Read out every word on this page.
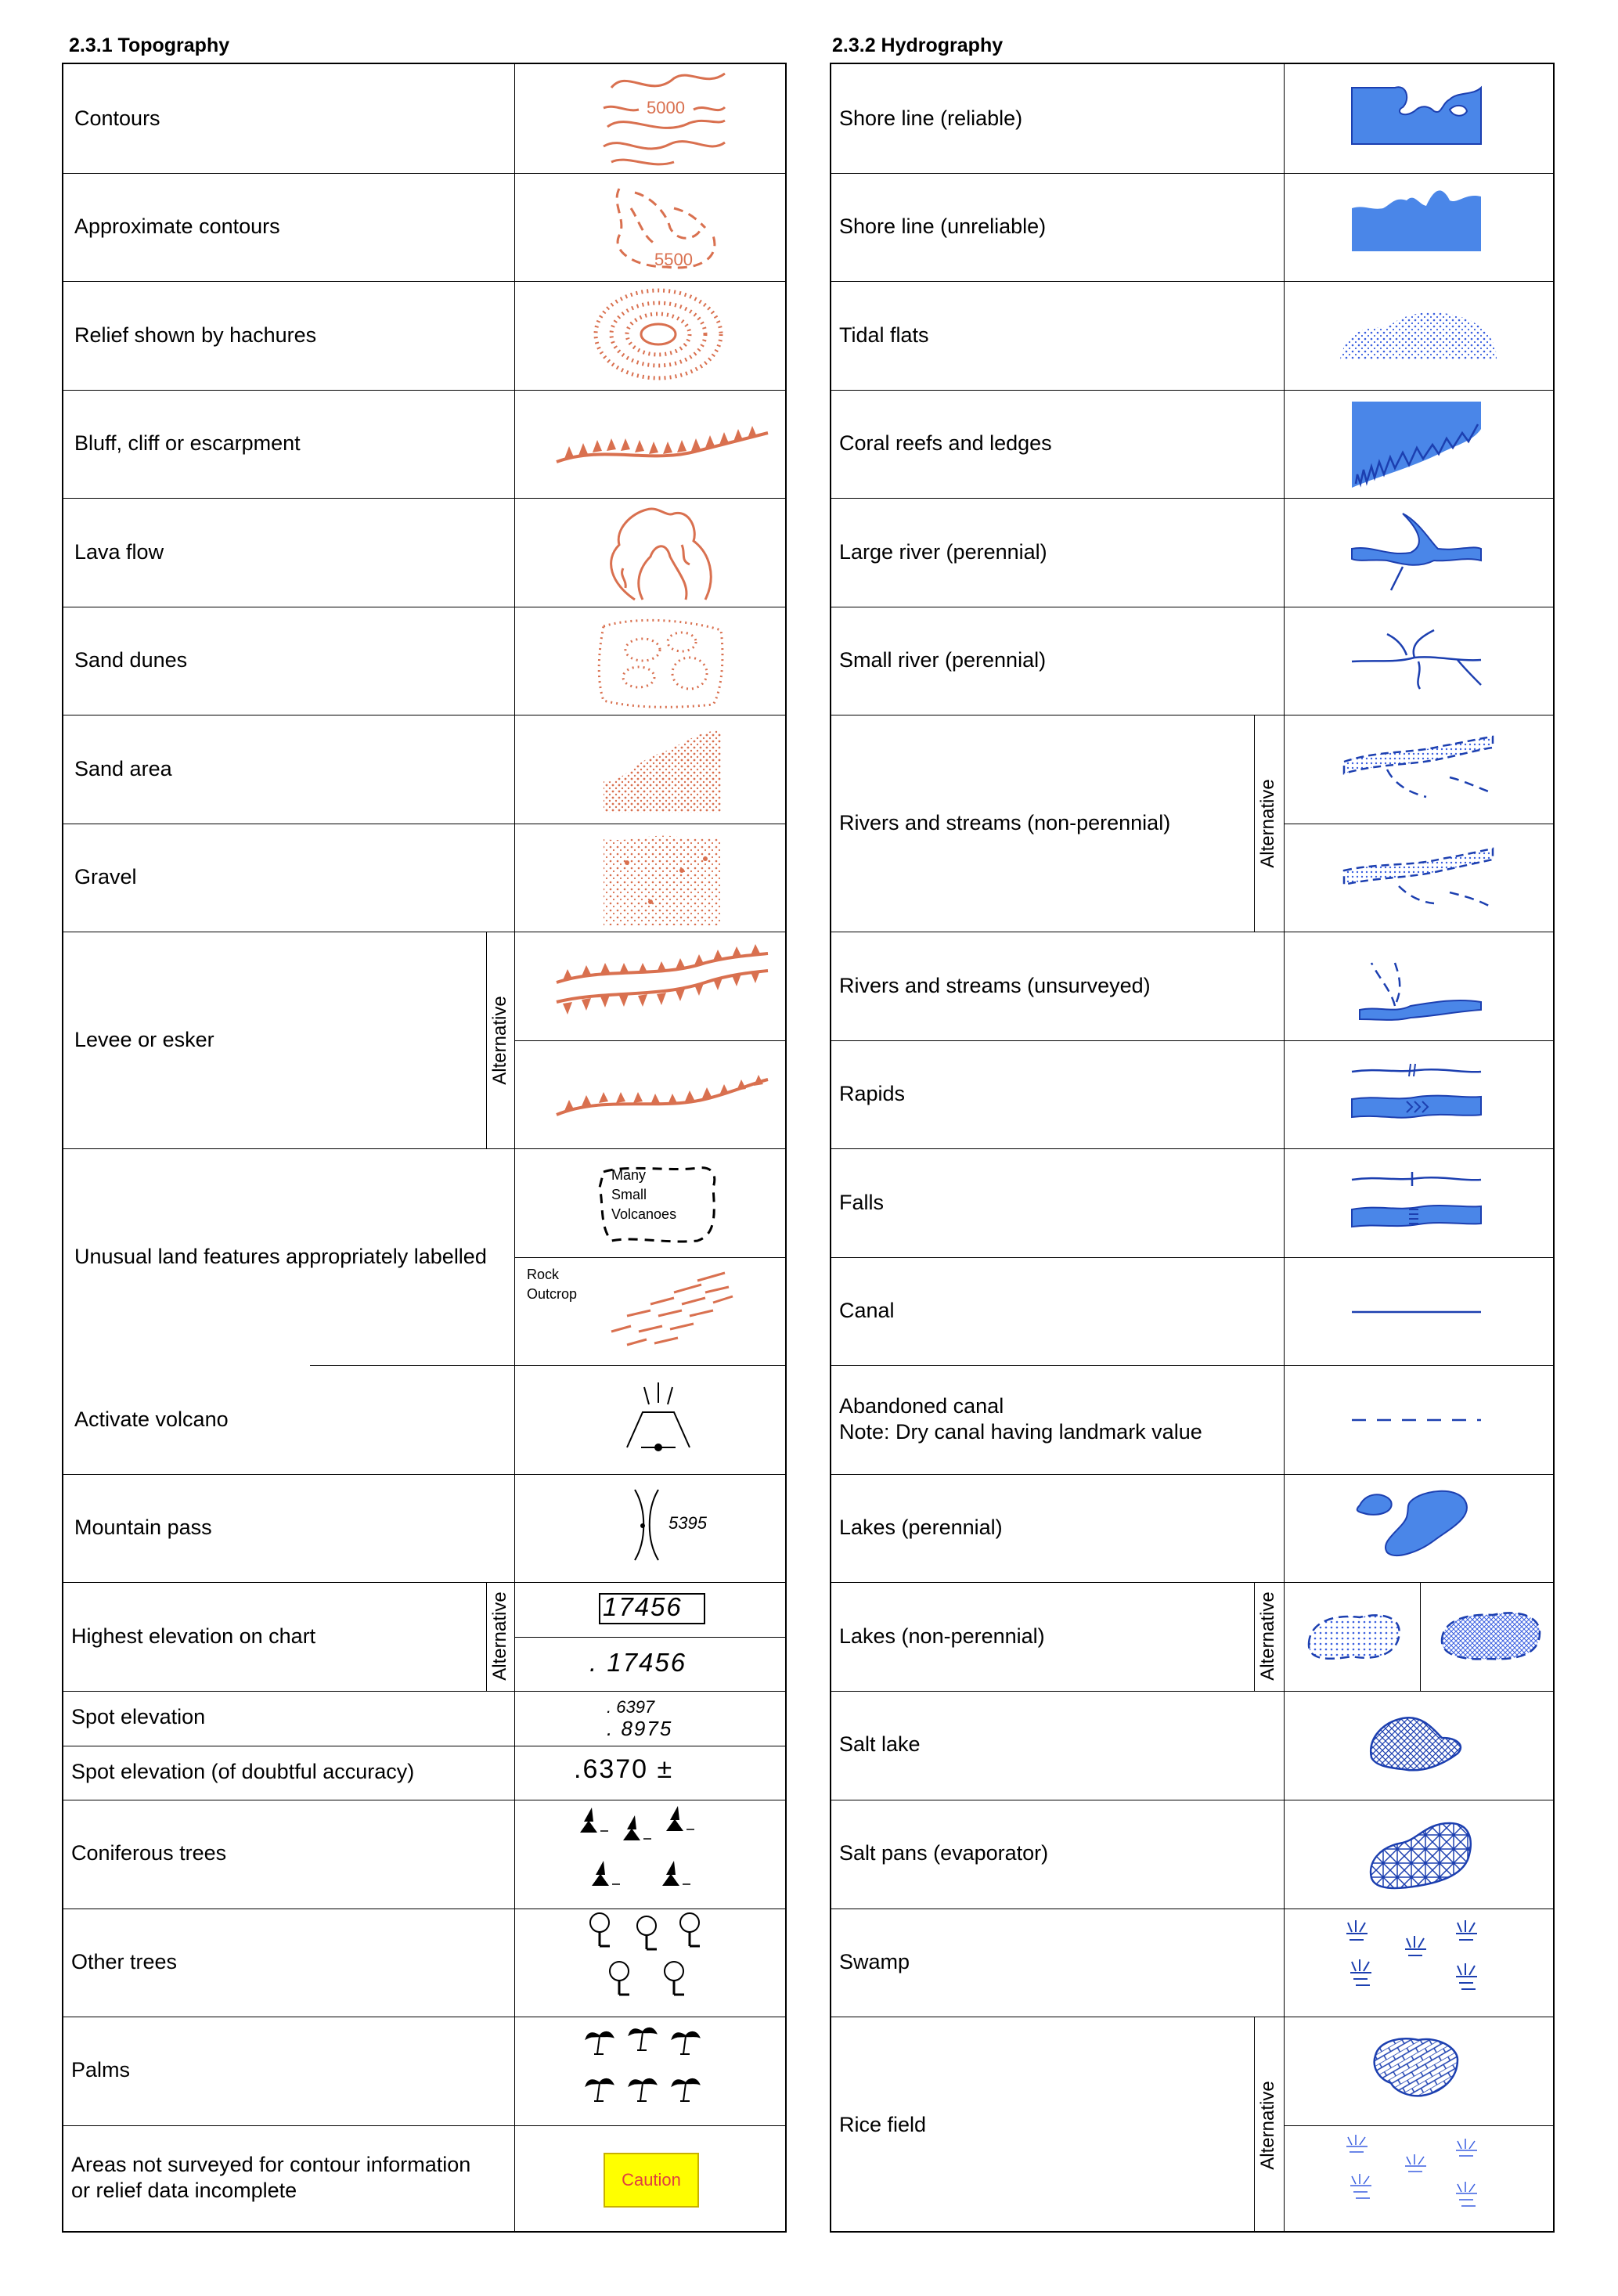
2.3.1 Topography
Alternative
Alternative
Contours
Approximate contours
Relief shown by hachures
Bluff, cliff or escarpment
Lava flow
Sand dunes
Sand area
Gravel
Levee or esker
Unusual land features appropriately labelled
Activate volcano
Mountain pass
Highest elevation on chart
Spot elevation
Spot elevation (of doubtful accuracy)
Coniferous trees
Other trees
Palms
Areas not surveyed for contour information
or relief data incomplete
5000
5500
Many
Small
Volcanoes
Rock
Outcrop
5395
17456
. 17456
. 6397
. 8975
.6370 ±
Caution
2.3.2 Hydrography
Alternative
Alternative
Alternative
Shore line (reliable)
Shore line (unreliable)
Tidal flats
Coral reefs and ledges
Large river (perennial)
Small river (perennial)
Rivers and streams (non-perennial)
Rivers and streams (unsurveyed)
Rapids
Falls
Canal
Abandoned canal
Note: Dry canal having landmark value
Lakes (perennial)
Lakes (non-perennial)
Salt lake
Salt pans (evaporator)
Swamp
Rice field
